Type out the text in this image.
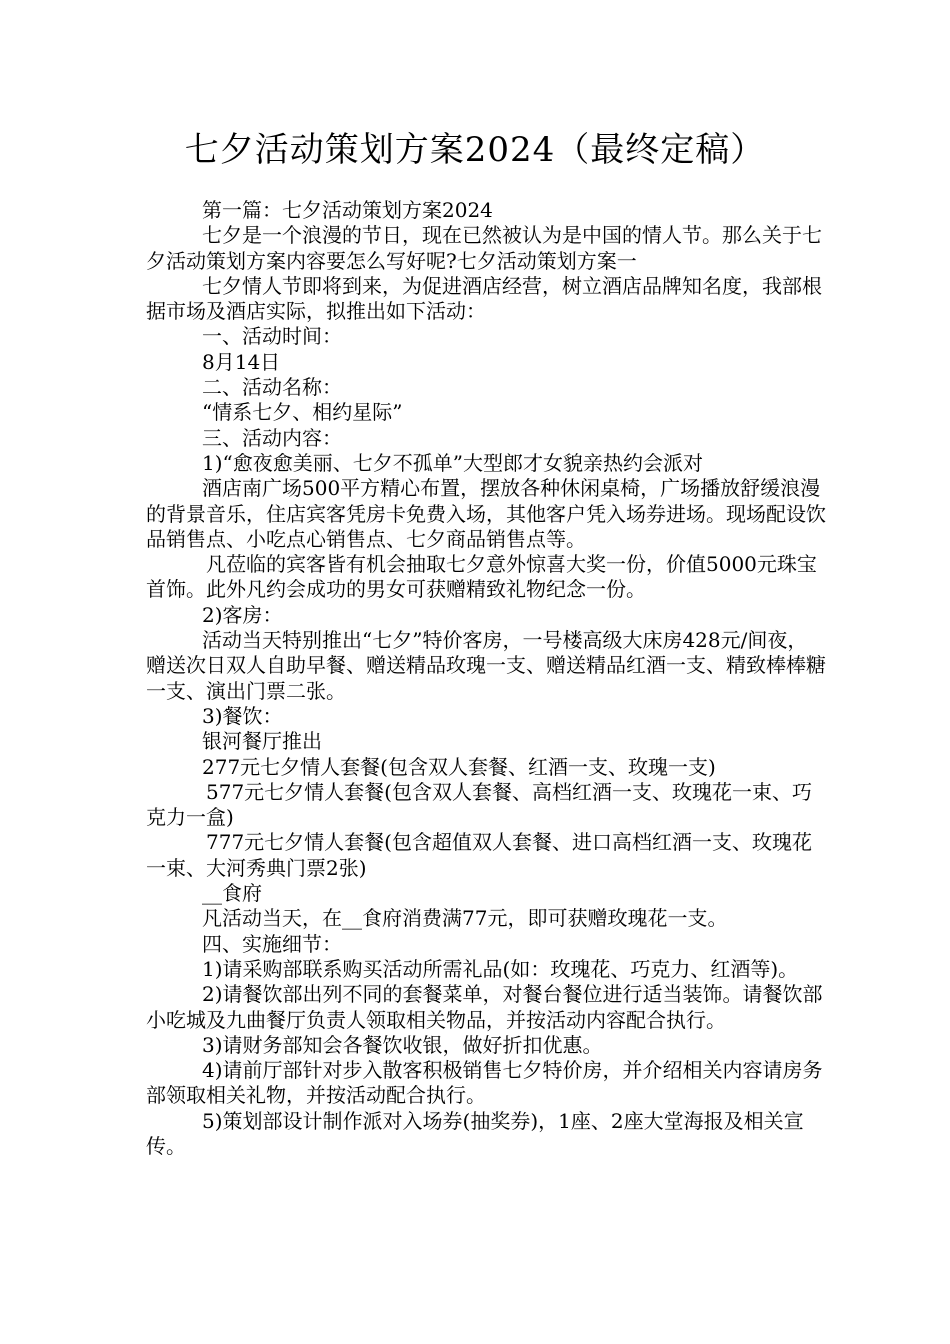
七夕活动策划方案2024（最终定稿）

第一篇：七夕活动策划方案2024

七夕是一个浪漫的节日，现在已然被认为是中国的情人节。那么关于七夕活动策划方案内容要怎么写好呢?七夕活动策划方案一

七夕情人节即将到来，为促进酒店经营，树立酒店品牌知名度，我部根据市场及酒店实际，拟推出如下活动：

一、活动时间：

8月14日

二、活动名称：

“情系七夕、相约星际”

三、活动内容：

1)“愈夜愈美丽、七夕不孤单”大型郎才女貌亲热约会派对

酒店南广场500平方精心布置，摆放各种休闲桌椅，广场播放舒缓浪漫的背景音乐，住店宾客凭房卡免费入场，其他客户凭入场券进场。现场配设饮品销售点、小吃点心销售点、七夕商品销售点等。

凡莅临的宾客皆有机会抽取七夕意外惊喜大奖一份，价值5000元珠宝首饰。此外凡约会成功的男女可获赠精致礼物纪念一份。

2)客房：

活动当天特别推出“七夕”特价客房，一号楼高级大床房428元/间夜，赠送次日双人自助早餐、赠送精品玫瑰一支、赠送精品红酒一支、精致棒棒糖一支、演出门票二张。

3)餐饮：

银河餐厅推出

277元七夕情人套餐(包含双人套餐、红酒一支、玫瑰一支)

577元七夕情人套餐(包含双人套餐、高档红酒一支、玫瑰花一束、巧克力一盒)

777元七夕情人套餐(包含超值双人套餐、进口高档红酒一支、玫瑰花一束、大河秀典门票2张)

__食府

凡活动当天，在__食府消费满77元，即可获赠玫瑰花一支。

四、实施细节：

1)请采购部联系购买活动所需礼品(如：玫瑰花、巧克力、红酒等)。

2)请餐饮部出列不同的套餐菜单，对餐台餐位进行适当装饰。请餐饮部小吃城及九曲餐厅负责人领取相关物品，并按活动内容配合执行。

3)请财务部知会各餐饮收银，做好折扣优惠。

4)请前厅部针对步入散客积极销售七夕特价房，并介绍相关内容请房务部领取相关礼物，并按活动配合执行。

5)策划部设计制作派对入场券(抽奖券)，1座、2座大堂海报及相关宣传。
